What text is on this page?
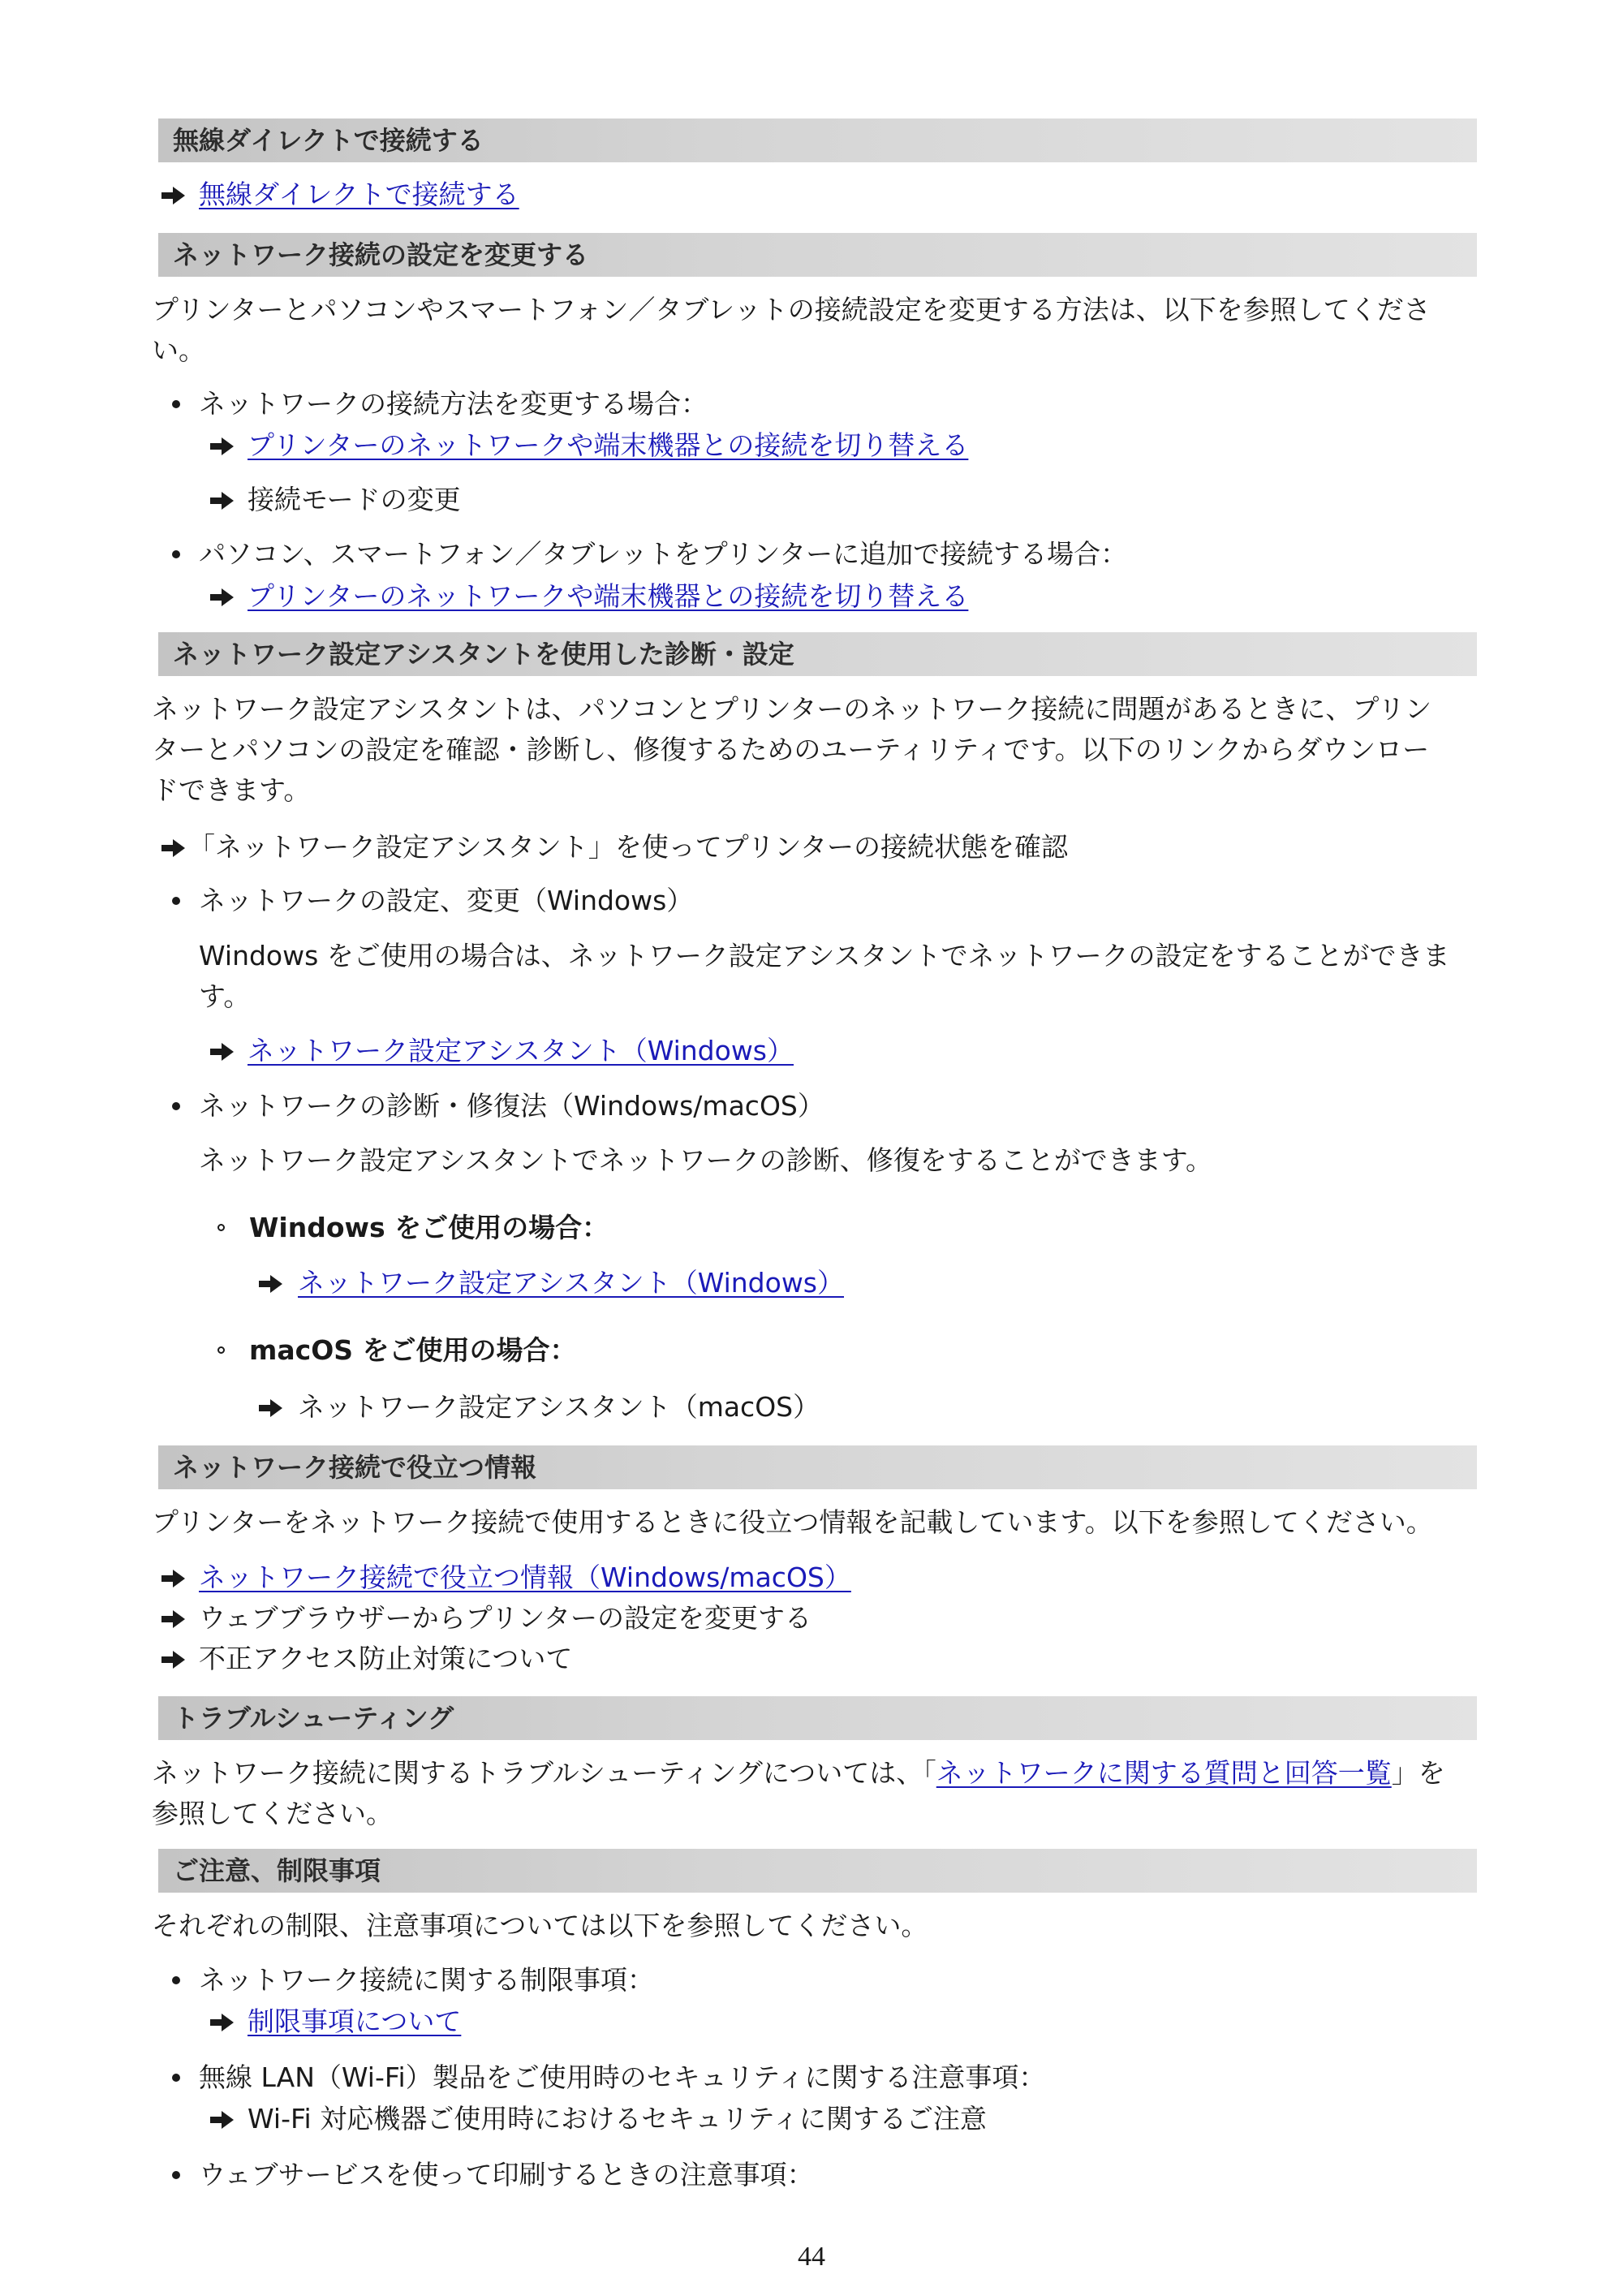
無線ダイレクトで接続する
無線ダイレクトで接続する
ネットワーク接続の設定を変更する
プリンターとパソコンやスマートフォン／タブレットの接続設定を変更する方法は、以下を参照してくださ
い。
ネットワークの接続方法を変更する場合：
プリンターのネットワークや端末機器との接続を切り替える
接続モードの変更
パソコン、スマートフォン／タブレットをプリンターに追加で接続する場合：
プリンターのネットワークや端末機器との接続を切り替える
ネットワーク設定アシスタントを使用した診断・設定
ネットワーク設定アシスタントは、パソコンとプリンターのネットワーク接続に問題があるときに、プリン
ターとパソコンの設定を確認・診断し、修復するためのユーティリティです。以下のリンクからダウンロー
ドできます。
「ネットワーク設定アシスタント」を使ってプリンターの接続状態を確認
ネットワークの設定、変更（Windows）
Windows をご使用の場合は、ネットワーク設定アシスタントでネットワークの設定をすることができま
す。
ネットワーク設定アシスタント（Windows）
ネットワークの診断・修復法（Windows/macOS）
ネットワーク設定アシスタントでネットワークの診断、修復をすることができます。
Windows をご使用の場合：
ネットワーク設定アシスタント（Windows）
macOS をご使用の場合：
ネットワーク設定アシスタント（macOS）
ネットワーク接続で役立つ情報
プリンターをネットワーク接続で使用するときに役立つ情報を記載しています。以下を参照してください。
ネットワーク接続で役立つ情報（Windows/macOS）
ウェブブラウザーからプリンターの設定を変更する
不正アクセス防止対策について
トラブルシューティング
ネットワーク接続に関するトラブルシューティングについては、「ネットワークに関する質問と回答一覧」を
参照してください。
ご注意、制限事項
それぞれの制限、注意事項については以下を参照してください。
ネットワーク接続に関する制限事項：
制限事項について
無線 LAN（Wi-Fi）製品をご使用時のセキュリティに関する注意事項：
Wi-Fi 対応機器ご使用時におけるセキュリティに関するご注意
ウェブサービスを使って印刷するときの注意事項：
44
